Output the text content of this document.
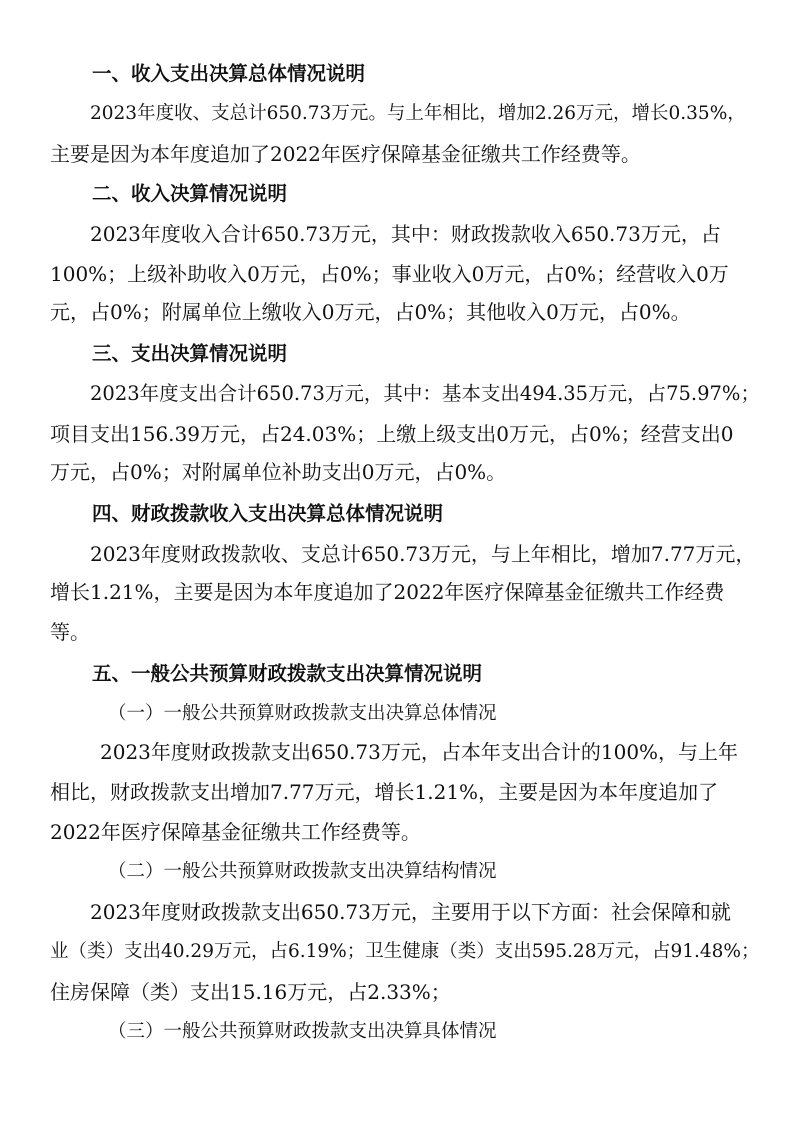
一、收入支出决算总体情况说明
2023年度收、支总计650.73万元。与上年相比，增加2.26万元，增长0.35%，
主要是因为本年度追加了2022年医疗保障基金征缴共工作经费等。
二、收入决算情况说明
2023年度收入合计650.73万元，其中：财政拨款收入650.73万元，占
100%；上级补助收入0万元，占0%；事业收入0万元，占0%；经营收入0万
元，占0%；附属单位上缴收入0万元，占0%；其他收入0万元，占0%。
三、支出决算情况说明
2023年度支出合计650.73万元，其中：基本支出494.35万元，占75.97%；
项目支出156.39万元，占24.03%；上缴上级支出0万元，占0%；经营支出0
万元，占0%；对附属单位补助支出0万元，占0%。
四、财政拨款收入支出决算总体情况说明
2023年度财政拨款收、支总计650.73万元，与上年相比，增加7.77万元，
增长1.21%，主要是因为本年度追加了2022年医疗保障基金征缴共工作经费
等。
五、一般公共预算财政拨款支出决算情况说明
（一）一般公共预算财政拨款支出决算总体情况
2023年度财政拨款支出650.73万元，占本年支出合计的100%，与上年
相比，财政拨款支出增加7.77万元，增长1.21%，主要是因为本年度追加了
2022年医疗保障基金征缴共工作经费等。
（二）一般公共预算财政拨款支出决算结构情况
2023年度财政拨款支出650.73万元，主要用于以下方面：社会保障和就
业（类）支出40.29万元，占6.19%；卫生健康（类）支出595.28万元，占91.48%；
住房保障（类）支出15.16万元，占2.33%；
（三）一般公共预算财政拨款支出决算具体情况
